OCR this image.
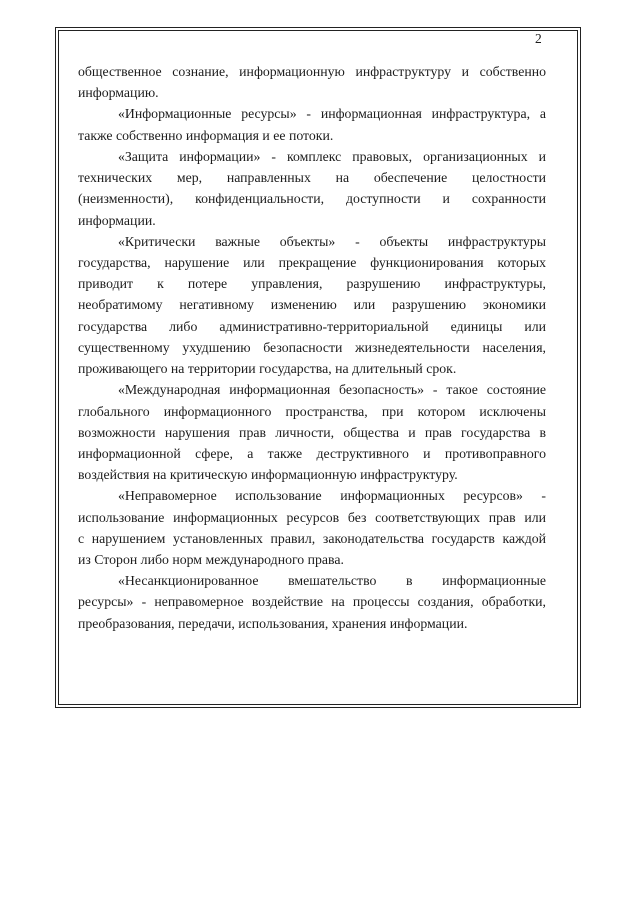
2
общественное сознание, информационную инфраструктуру и собственно
информацию.
«Информационные ресурсы» - информационная инфраструктура, а
также собственно информация и ее потоки.
«Защита информации» - комплекс правовых, организационных и
технических мер, направленных на обеспечение целостности
(неизменности), конфиденциальности, доступности и сохранности
информации.
«Критически важные объекты» - объекты инфраструктуры
государства, нарушение или прекращение функционирования которых
приводит к потере управления, разрушению инфраструктуры,
необратимому негативному изменению или разрушению экономики
государства либо административно-территориальной единицы или
существенному ухудшению безопасности жизнедеятельности населения,
проживающего на территории государства, на длительный срок.
«Международная информационная безопасность» - такое состояние
глобального информационного пространства, при котором исключены
возможности нарушения прав личности, общества и прав государства в
информационной сфере, а также деструктивного и противоправного
воздействия на критическую информационную инфраструктуру.
«Неправомерное использование информационных ресурсов» -
использование информационных ресурсов без соответствующих прав или
с нарушением установленных правил, законодательства государств каждой
из Сторон либо норм международного права.
«Несанкционированное вмешательство в информационные
ресурсы» - неправомерное воздействие на процессы создания, обработки,
преобразования, передачи, использования, хранения информации.
